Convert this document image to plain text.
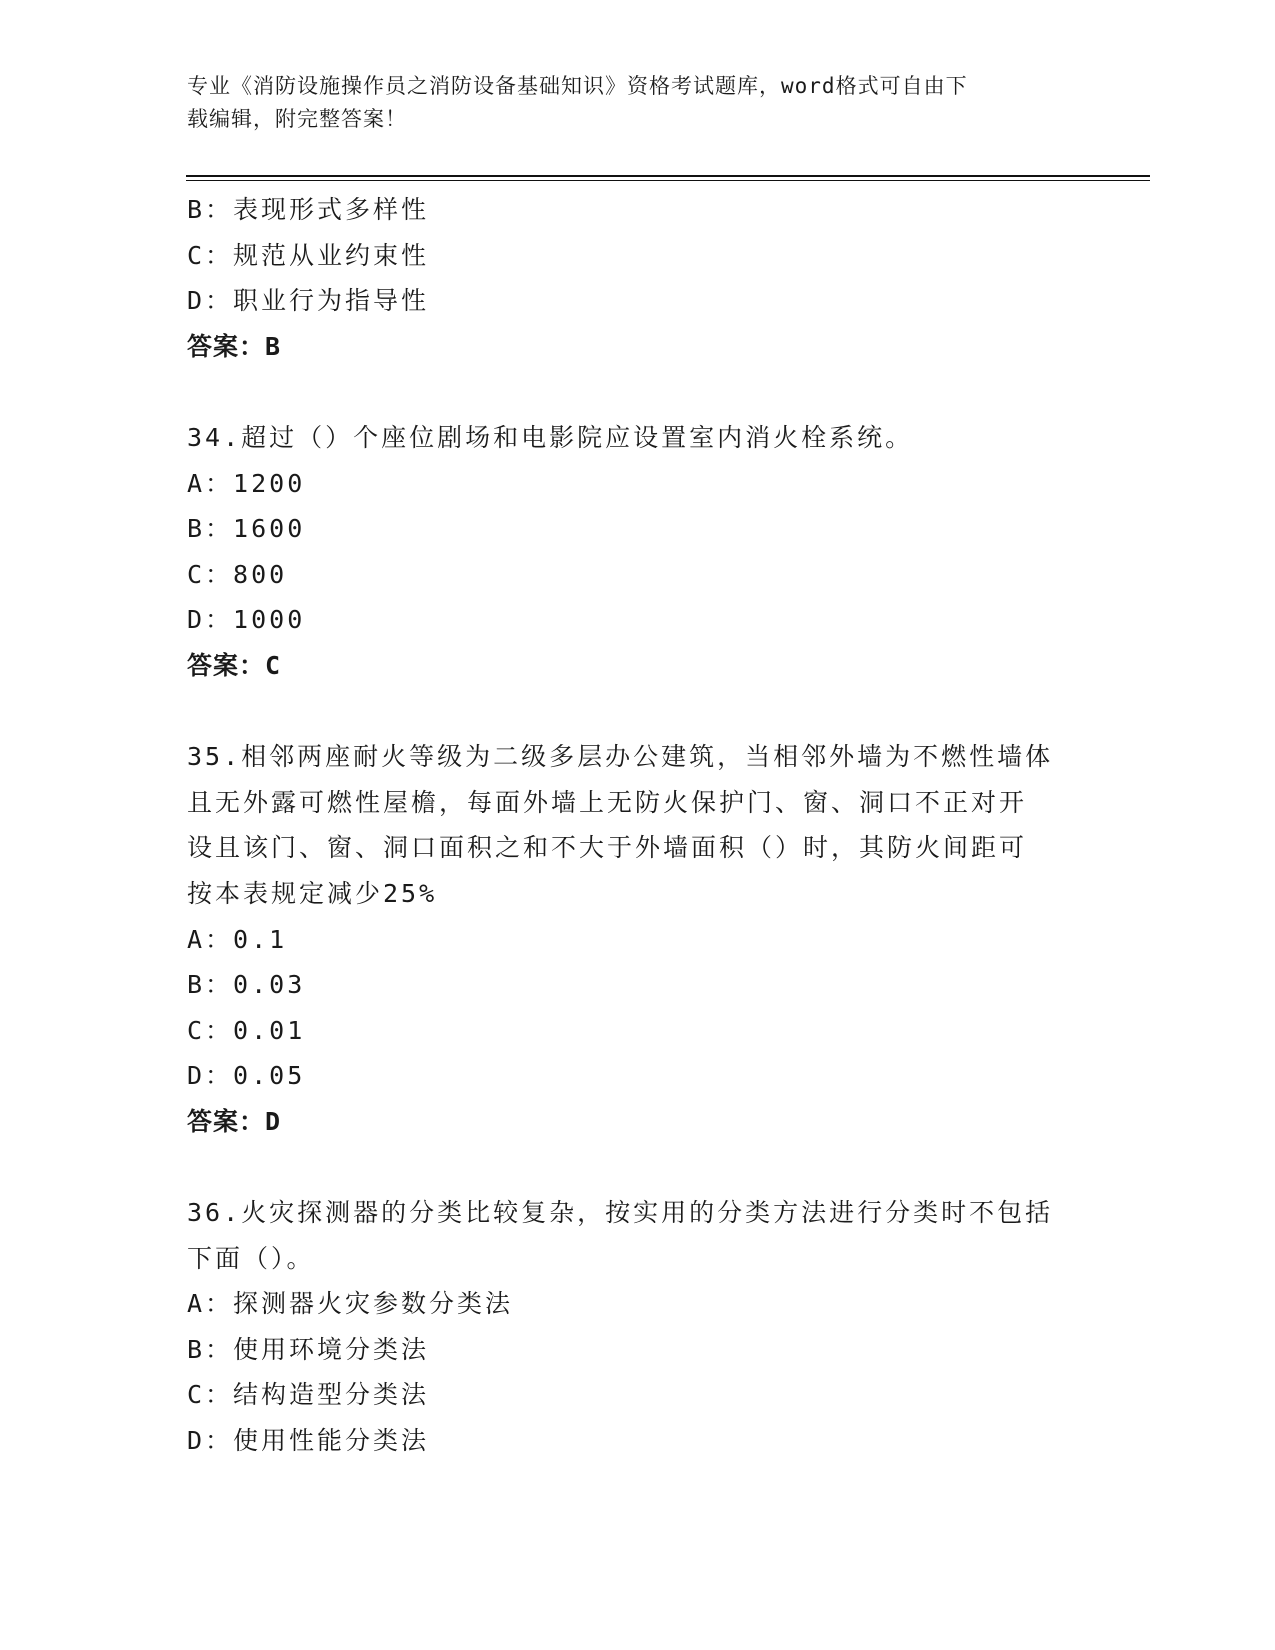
专业《消防设施操作员之消防设备基础知识》资格考试题库，word格式可自由下
载编辑，附完整答案！
B：表现形式多样性
C：规范从业约束性
D：职业行为指导性
答案：B
34.超过（）个座位剧场和电影院应设置室内消火栓系统。
A：1200
B：1600
C：800
D：1000
答案：C
35.相邻两座耐火等级为二级多层办公建筑，当相邻外墙为不燃性墙体
且无外露可燃性屋檐，每面外墙上无防火保护门、窗、洞口不正对开
设且该门、窗、洞口面积之和不大于外墙面积（）时，其防火间距可
按本表规定减少25%
A：0.1
B：0.03
C：0.01
D：0.05
答案：D
36.火灾探测器的分类比较复杂，按实用的分类方法进行分类时不包括
下面（）。
A：探测器火灾参数分类法
B：使用环境分类法
C：结构造型分类法
D：使用性能分类法
